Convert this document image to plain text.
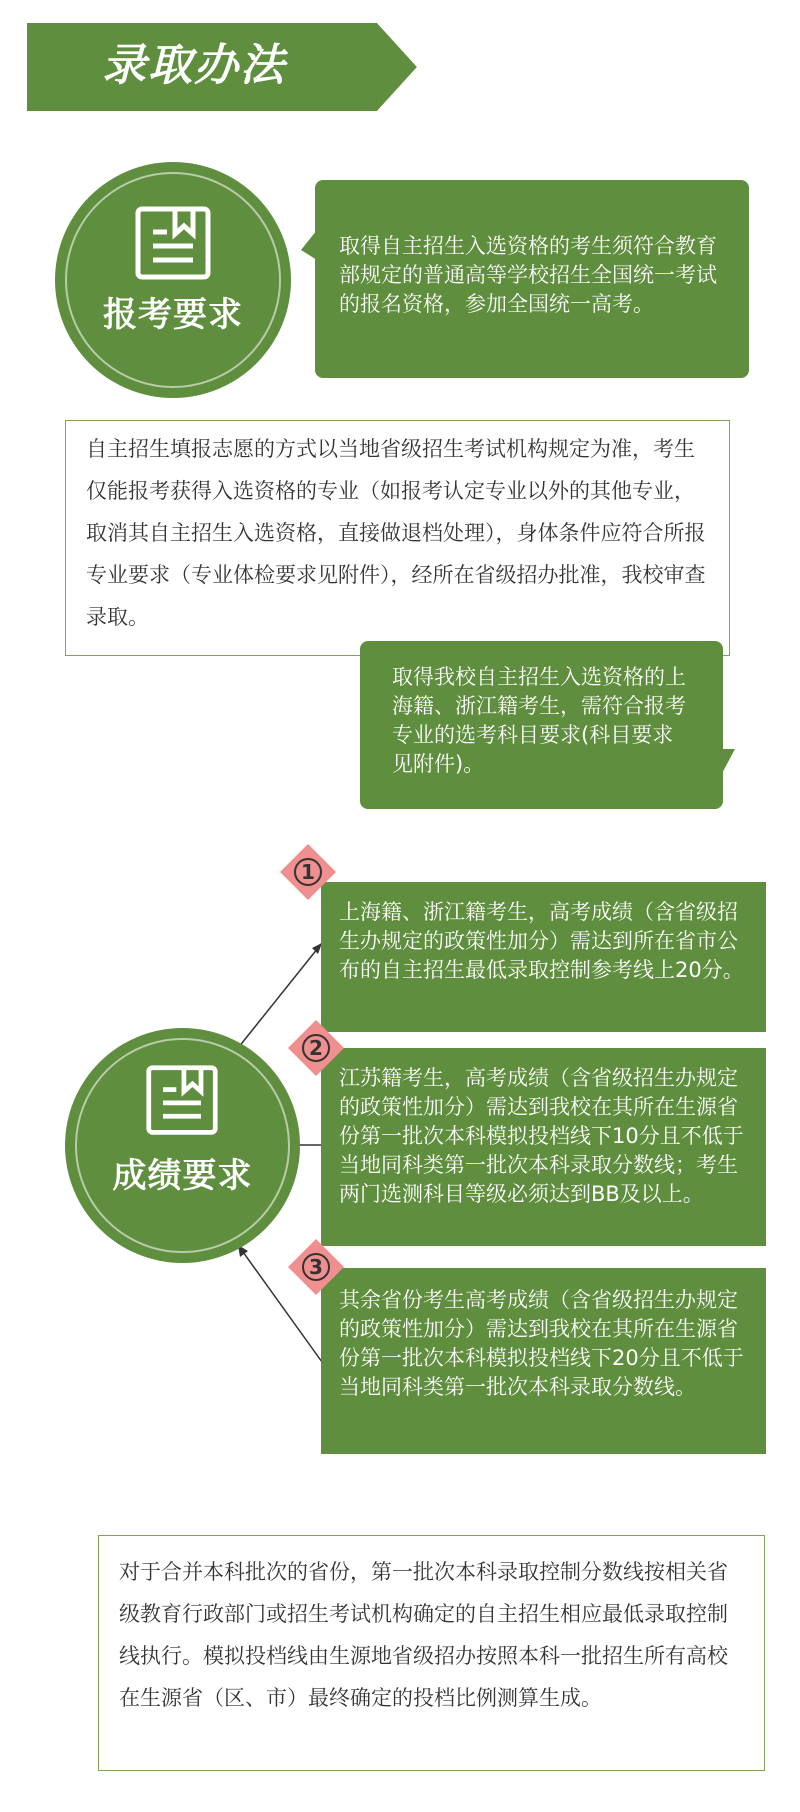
录取办法
报考要求
取得自主招生入选资格的考生须符合教育部规定的普通高等学校招生全国统一考试的报名资格，参加全国统一高考。
自主招生填报志愿的方式以当地省级招生考试机构规定为准，考生仅能报考获得入选资格的专业（如报考认定专业以外的其他专业，取消其自主招生入选资格，直接做退档处理），身体条件应符合所报专业要求（专业体检要求见附件），经所在省级招办批准，我校审查录取。
取得我校自主招生入选资格的上海籍、浙江籍考生，需符合报考专业的选考科目要求(科目要求见附件)。
成绩要求
上海籍、浙江籍考生，高考成绩（含省级招生办规定的政策性加分）需达到所在省市公布的自主招生最低录取控制参考线上20分。
1
江苏籍考生，高考成绩（含省级招生办规定的政策性加分）需达到我校在其所在生源省份第一批次本科模拟投档线下10分且不低于当地同科类第一批次本科录取分数线；考生两门选测科目等级必须达到BB及以上。
2
其余省份考生高考成绩（含省级招生办规定的政策性加分）需达到我校在其所在生源省份第一批次本科模拟投档线下20分且不低于当地同科类第一批次本科录取分数线。
3
对于合并本科批次的省份，第一批次本科录取控制分数线按相关省级教育行政部门或招生考试机构确定的自主招生相应最低录取控制线执行。模拟投档线由生源地省级招办按照本科一批招生所有高校在生源省（区、市）最终确定的投档比例测算生成。
